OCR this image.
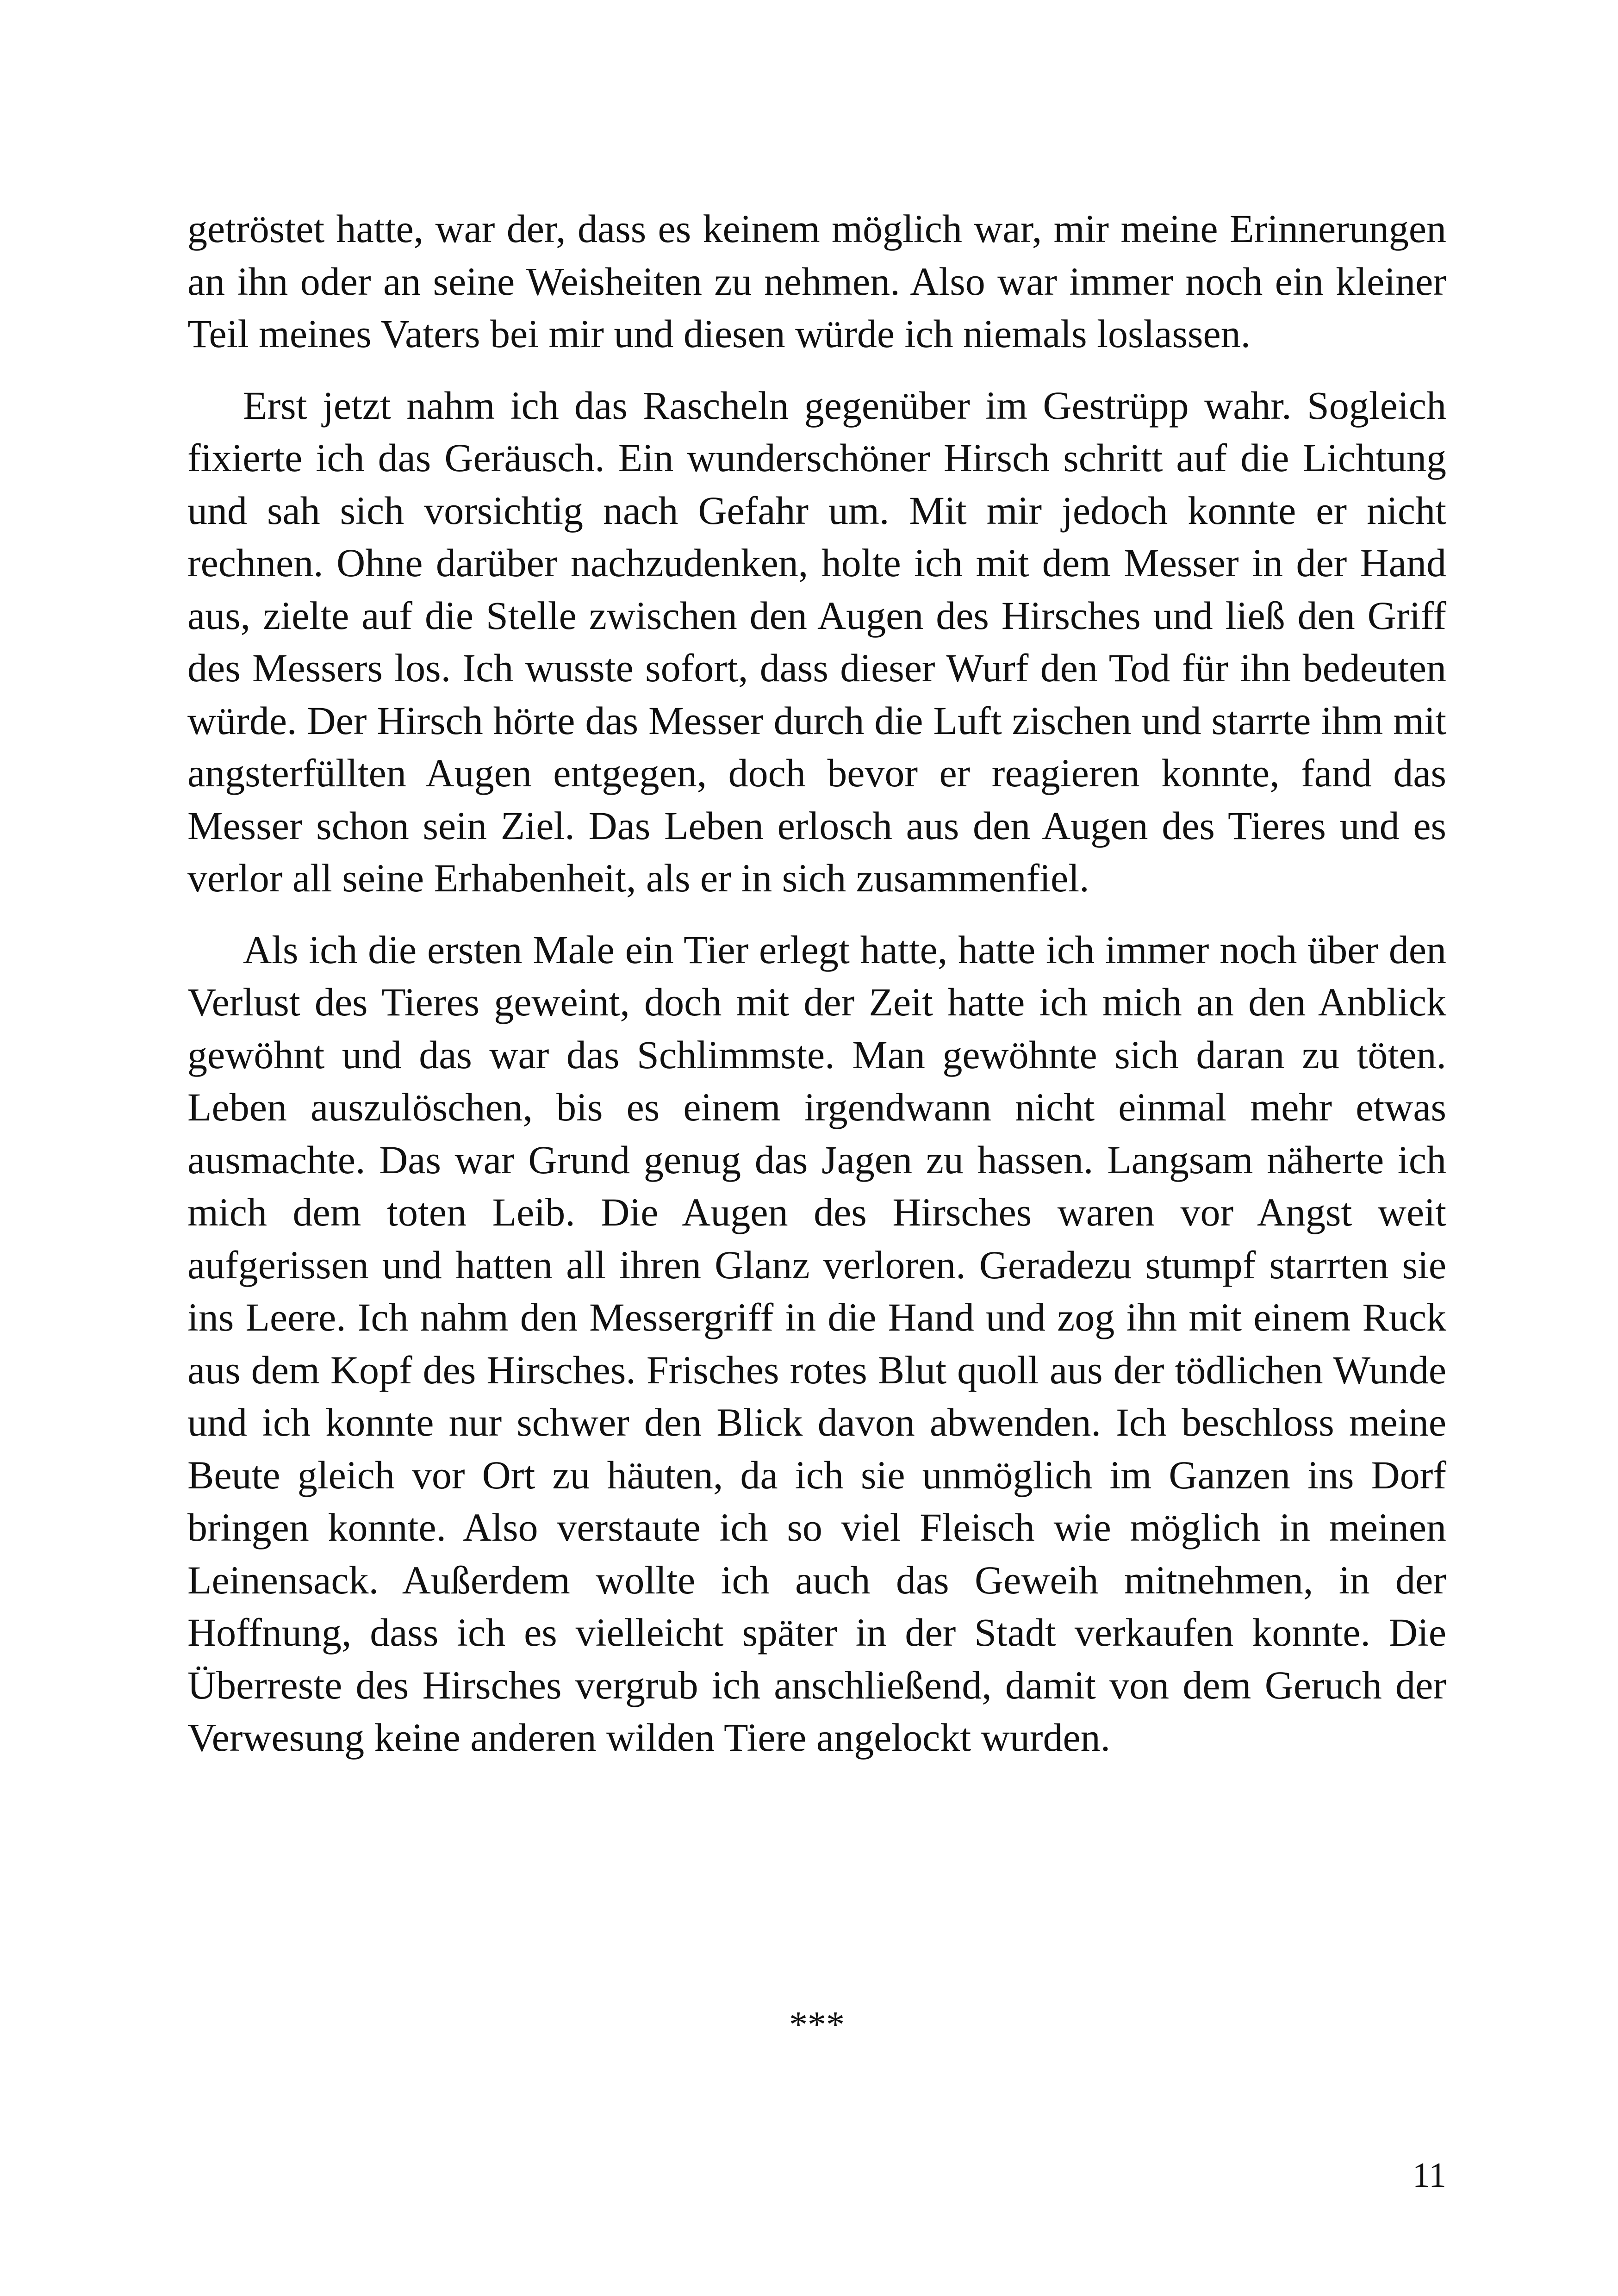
getröstet hatte, war der, dass es keinem möglich war, mir meine Erinnerungen an ihn oder an seine Weisheiten zu nehmen. Also war immer noch ein kleiner Teil meines Vaters bei mir und diesen würde ich niemals loslassen.

Erst jetzt nahm ich das Rascheln gegenüber im Gestrüpp wahr. Sogleich fixierte ich das Geräusch. Ein wunderschöner Hirsch schritt auf die Lichtung und sah sich vorsichtig nach Gefahr um. Mit mir jedoch konnte er nicht rechnen. Ohne darüber nachzudenken, holte ich mit dem Messer in der Hand aus, zielte auf die Stelle zwischen den Augen des Hirsches und ließ den Griff des Messers los. Ich wusste sofort, dass dieser Wurf den Tod für ihn bedeuten würde. Der Hirsch hörte das Messer durch die Luft zischen und starrte ihm mit angsterfüllten Augen entgegen, doch bevor er reagieren konnte, fand das Messer schon sein Ziel. Das Leben erlosch aus den Augen des Tieres und es verlor all seine Erhabenheit, als er in sich zusammenfiel.

Als ich die ersten Male ein Tier erlegt hatte, hatte ich immer noch über den Verlust des Tieres geweint, doch mit der Zeit hatte ich mich an den Anblick gewöhnt und das war das Schlimmste. Man gewöhnte sich daran zu töten. Leben auszulöschen, bis es einem irgendwann nicht einmal mehr etwas ausmachte. Das war Grund genug das Jagen zu hassen. Langsam näherte ich mich dem toten Leib. Die Augen des Hirsches waren vor Angst weit aufgerissen und hatten all ihren Glanz verloren. Geradezu stumpf starrten sie ins Leere. Ich nahm den Messergriff in die Hand und zog ihn mit einem Ruck aus dem Kopf des Hirsches. Frisches rotes Blut quoll aus der tödlichen Wunde und ich konnte nur schwer den Blick davon abwenden. Ich beschloss meine Beute gleich vor Ort zu häuten, da ich sie unmöglich im Ganzen ins Dorf bringen konnte. Also verstaute ich so viel Fleisch wie möglich in meinen Leinensack. Außerdem wollte ich auch das Geweih mitnehmen, in der Hoffnung, dass ich es vielleicht später in der Stadt verkaufen konnte. Die Überreste des Hirsches vergrub ich anschließend, damit von dem Geruch der Verwesung keine anderen wilden Tiere angelockt wurden.

***
11
